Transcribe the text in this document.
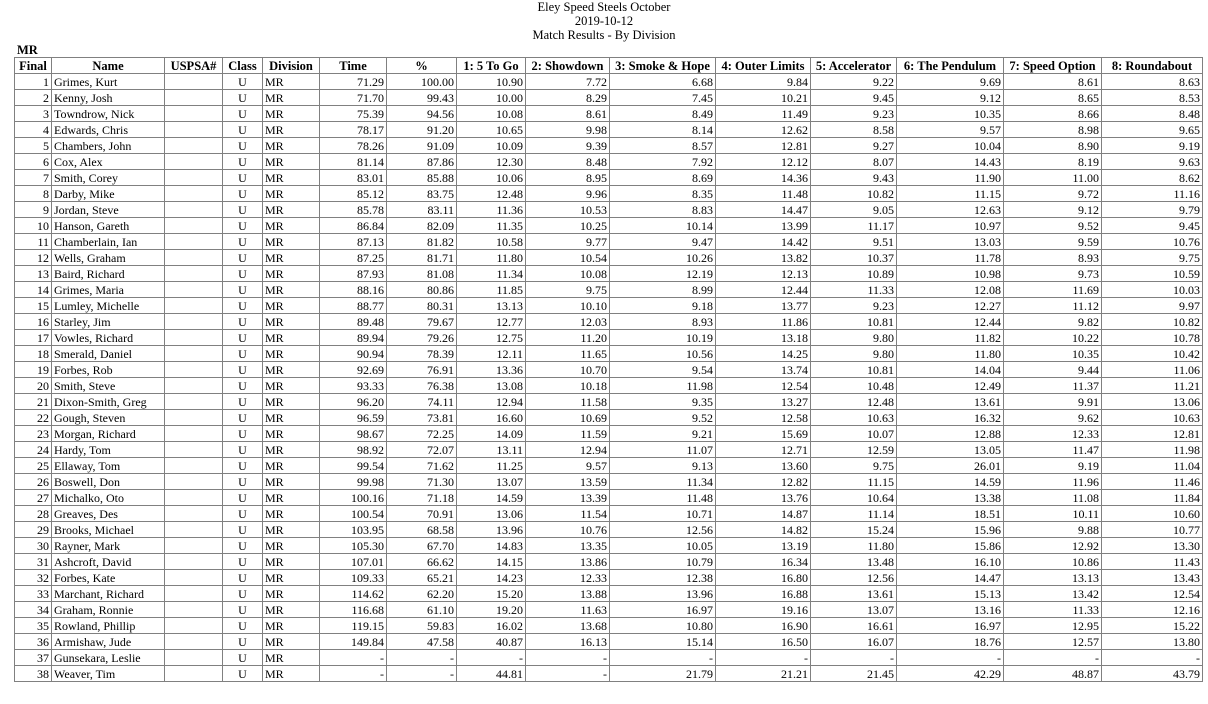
Eley Speed Steels October
2019-10-12
Match Results - By Division
MR
Final	Name	USPSA#	Class	Division	Time	%	1: 5 To Go	2: Showdown	3: Smoke & Hope	4: Outer Limits	5: Accelerator	6: The Pendulum	7: Speed Option	8: Roundabout
1	Grimes, Kurt		U	MR	71.29	100.00	10.90	7.72	6.68	9.84	9.22	9.69	8.61	8.63
2	Kenny, Josh		U	MR	71.70	99.43	10.00	8.29	7.45	10.21	9.45	9.12	8.65	8.53
3	Towndrow, Nick		U	MR	75.39	94.56	10.08	8.61	8.49	11.49	9.23	10.35	8.66	8.48
4	Edwards, Chris		U	MR	78.17	91.20	10.65	9.98	8.14	12.62	8.58	9.57	8.98	9.65
5	Chambers, John		U	MR	78.26	91.09	10.09	9.39	8.57	12.81	9.27	10.04	8.90	9.19
6	Cox, Alex		U	MR	81.14	87.86	12.30	8.48	7.92	12.12	8.07	14.43	8.19	9.63
7	Smith, Corey		U	MR	83.01	85.88	10.06	8.95	8.69	14.36	9.43	11.90	11.00	8.62
8	Darby, Mike		U	MR	85.12	83.75	12.48	9.96	8.35	11.48	10.82	11.15	9.72	11.16
9	Jordan, Steve		U	MR	85.78	83.11	11.36	10.53	8.83	14.47	9.05	12.63	9.12	9.79
10	Hanson, Gareth		U	MR	86.84	82.09	11.35	10.25	10.14	13.99	11.17	10.97	9.52	9.45
11	Chamberlain, Ian		U	MR	87.13	81.82	10.58	9.77	9.47	14.42	9.51	13.03	9.59	10.76
12	Wells, Graham		U	MR	87.25	81.71	11.80	10.54	10.26	13.82	10.37	11.78	8.93	9.75
13	Baird, Richard		U	MR	87.93	81.08	11.34	10.08	12.19	12.13	10.89	10.98	9.73	10.59
14	Grimes, Maria		U	MR	88.16	80.86	11.85	9.75	8.99	12.44	11.33	12.08	11.69	10.03
15	Lumley, Michelle		U	MR	88.77	80.31	13.13	10.10	9.18	13.77	9.23	12.27	11.12	9.97
16	Starley, Jim		U	MR	89.48	79.67	12.77	12.03	8.93	11.86	10.81	12.44	9.82	10.82
17	Vowles, Richard		U	MR	89.94	79.26	12.75	11.20	10.19	13.18	9.80	11.82	10.22	10.78
18	Smerald, Daniel		U	MR	90.94	78.39	12.11	11.65	10.56	14.25	9.80	11.80	10.35	10.42
19	Forbes, Rob		U	MR	92.69	76.91	13.36	10.70	9.54	13.74	10.81	14.04	9.44	11.06
20	Smith, Steve		U	MR	93.33	76.38	13.08	10.18	11.98	12.54	10.48	12.49	11.37	11.21
21	Dixon-Smith, Greg		U	MR	96.20	74.11	12.94	11.58	9.35	13.27	12.48	13.61	9.91	13.06
22	Gough, Steven		U	MR	96.59	73.81	16.60	10.69	9.52	12.58	10.63	16.32	9.62	10.63
23	Morgan, Richard		U	MR	98.67	72.25	14.09	11.59	9.21	15.69	10.07	12.88	12.33	12.81
24	Hardy, Tom		U	MR	98.92	72.07	13.11	12.94	11.07	12.71	12.59	13.05	11.47	11.98
25	Ellaway, Tom		U	MR	99.54	71.62	11.25	9.57	9.13	13.60	9.75	26.01	9.19	11.04
26	Boswell, Don		U	MR	99.98	71.30	13.07	13.59	11.34	12.82	11.15	14.59	11.96	11.46
27	Michalko, Oto		U	MR	100.16	71.18	14.59	13.39	11.48	13.76	10.64	13.38	11.08	11.84
28	Greaves, Des		U	MR	100.54	70.91	13.06	11.54	10.71	14.87	11.14	18.51	10.11	10.60
29	Brooks, Michael		U	MR	103.95	68.58	13.96	10.76	12.56	14.82	15.24	15.96	9.88	10.77
30	Rayner, Mark		U	MR	105.30	67.70	14.83	13.35	10.05	13.19	11.80	15.86	12.92	13.30
31	Ashcroft, David		U	MR	107.01	66.62	14.15	13.86	10.79	16.34	13.48	16.10	10.86	11.43
32	Forbes, Kate		U	MR	109.33	65.21	14.23	12.33	12.38	16.80	12.56	14.47	13.13	13.43
33	Marchant, Richard		U	MR	114.62	62.20	15.20	13.88	13.96	16.88	13.61	15.13	13.42	12.54
34	Graham, Ronnie		U	MR	116.68	61.10	19.20	11.63	16.97	19.16	13.07	13.16	11.33	12.16
35	Rowland, Phillip		U	MR	119.15	59.83	16.02	13.68	10.80	16.90	16.61	16.97	12.95	15.22
36	Armishaw, Jude		U	MR	149.84	47.58	40.87	16.13	15.14	16.50	16.07	18.76	12.57	13.80
37	Gunsekara, Leslie		U	MR	-	-	-	-	-	-	-	-	-	-
38	Weaver, Tim		U	MR	-	-	44.81	-	21.79	21.21	21.45	42.29	48.87	43.79
